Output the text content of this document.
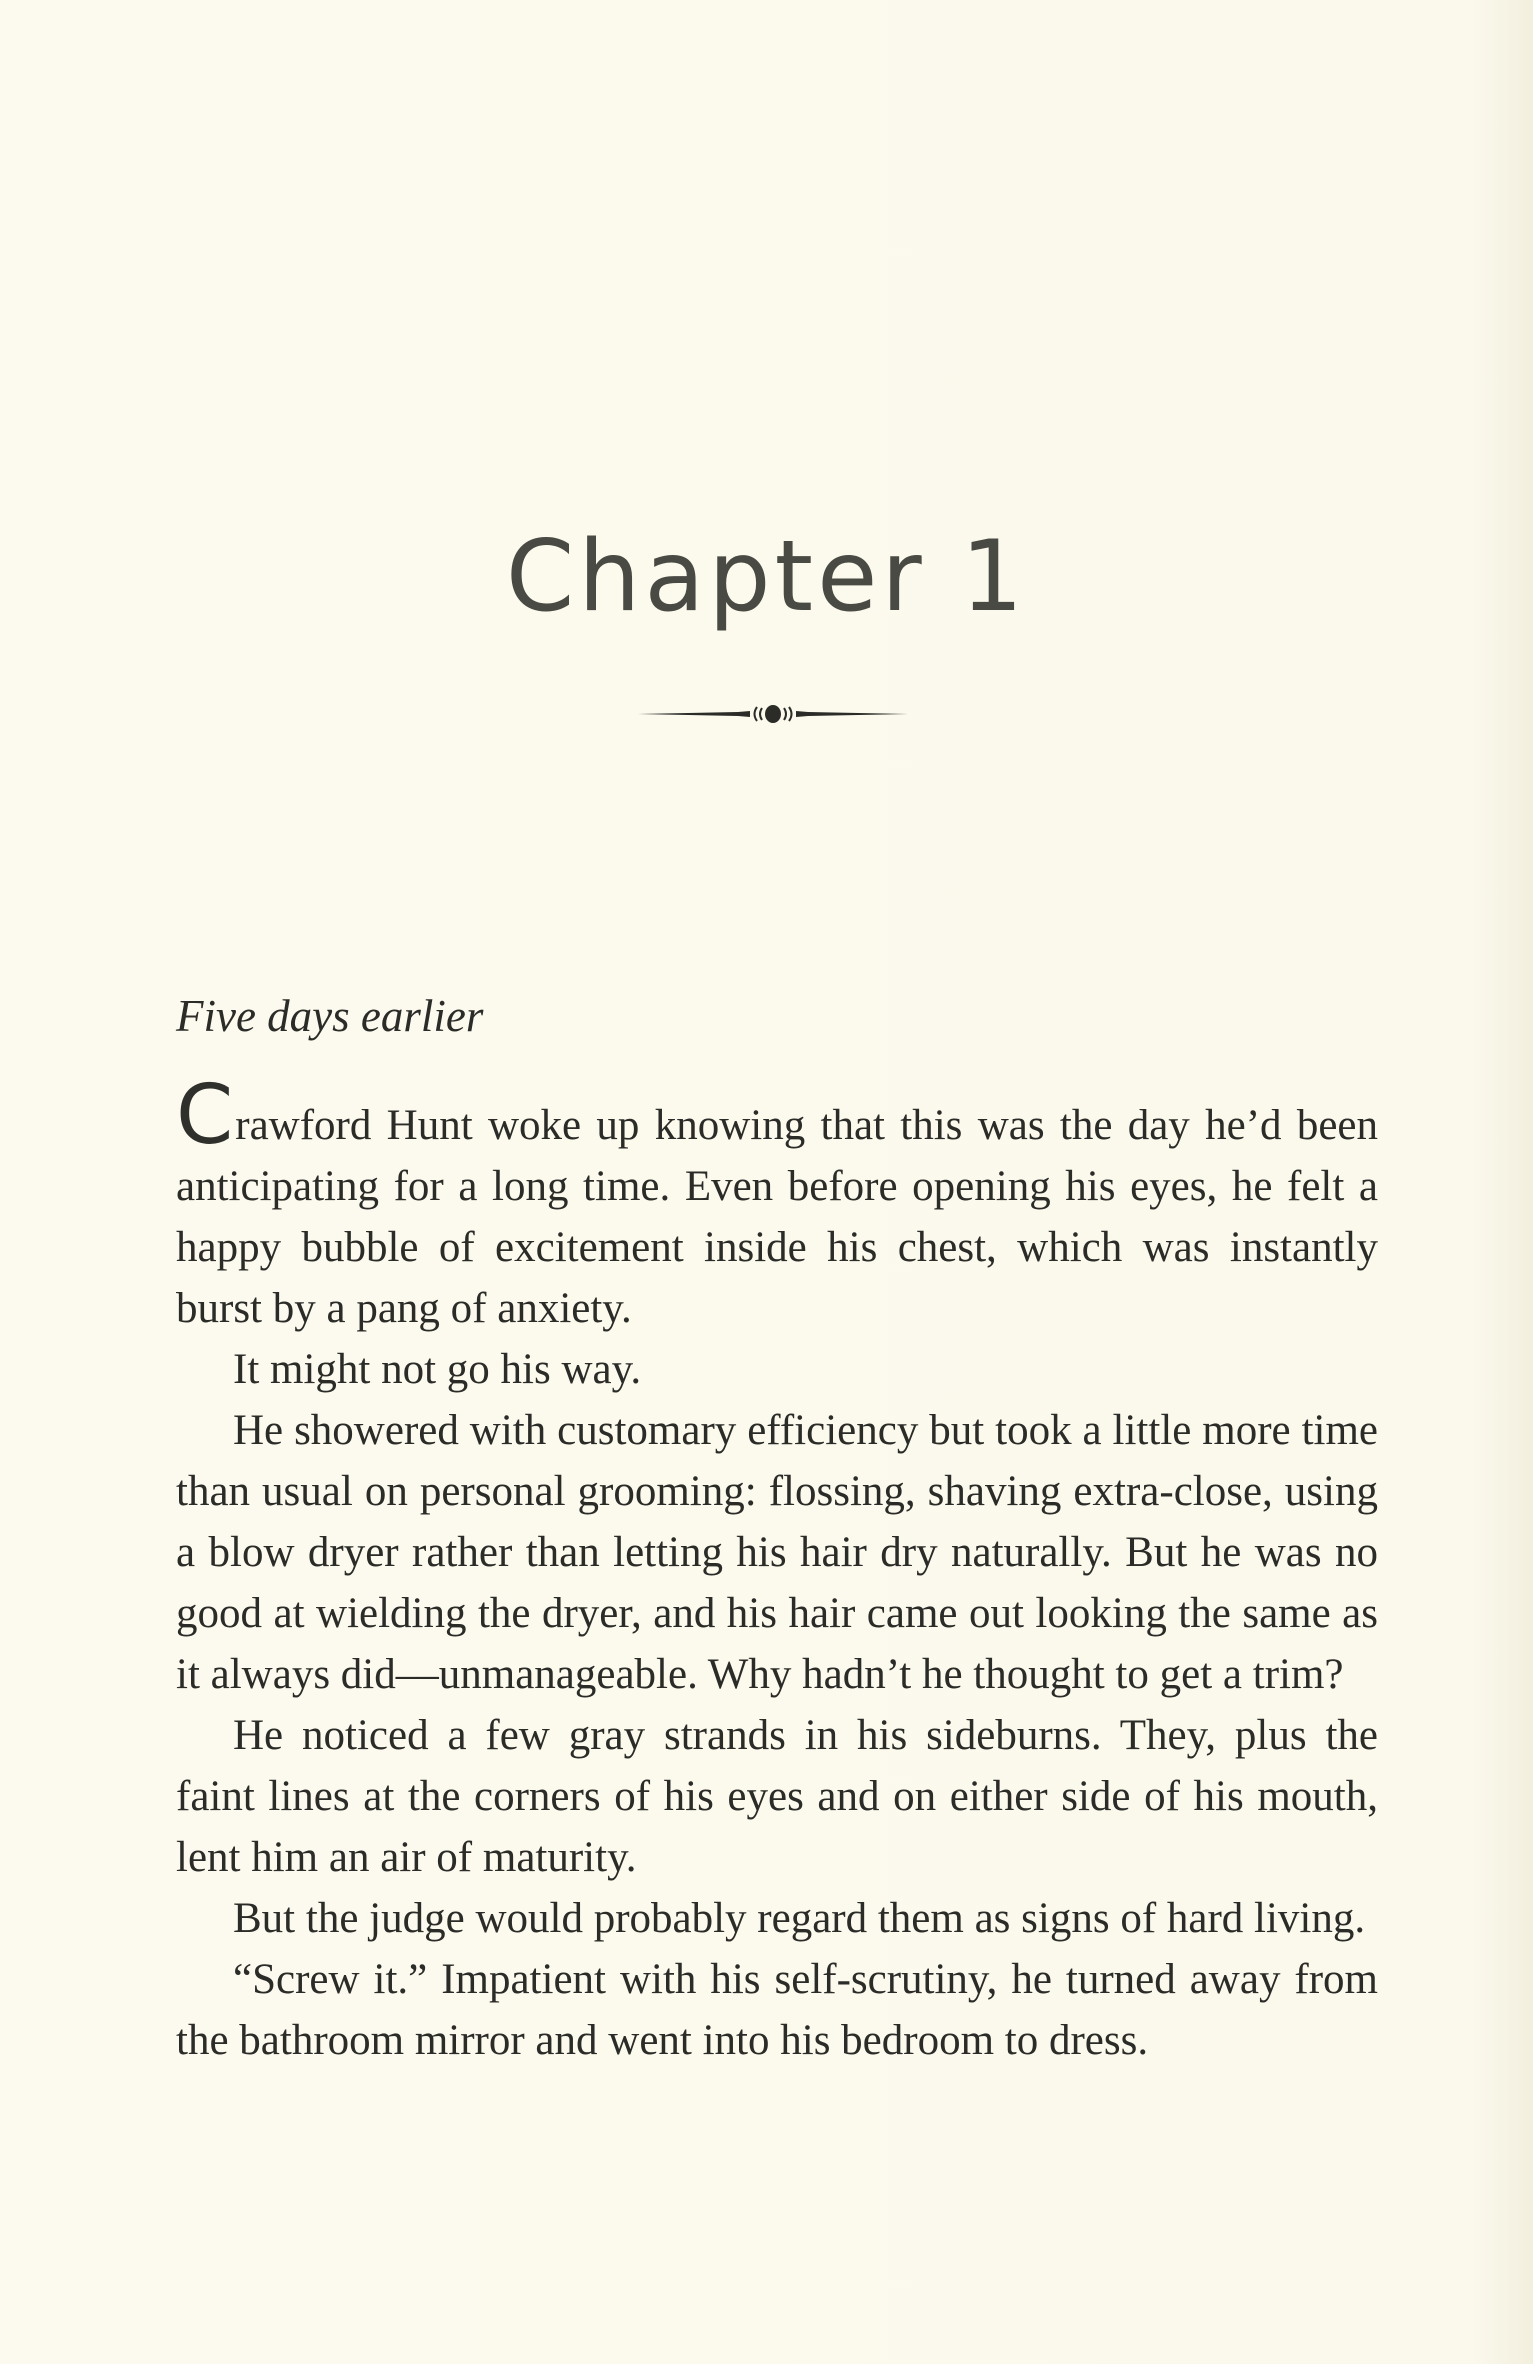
Chapter 1
Five days earlier

Crawford Hunt woke up knowing that this was the day he’d been anticipating for a long time. Even before opening his eyes, he felt a happy bubble of excitement inside his chest, which was instantly burst by a pang of anxiety.

It might not go his way.

He showered with customary efficiency but took a little more time than usual on personal grooming: flossing, shaving extra-close, using a blow dryer rather than letting his hair dry naturally. But he was no good at wielding the dryer, and his hair came out looking the same as it always did––unmanageable. Why hadn’t he thought to get a trim?

He noticed a few gray strands in his sideburns. They, plus the faint lines at the corners of his eyes and on either side of his mouth, lent him an air of maturity.

But the judge would probably regard them as signs of hard living.

“Screw it.” Impatient with his self-scrutiny, he turned away from the bathroom mirror and went into his bedroom to dress.
